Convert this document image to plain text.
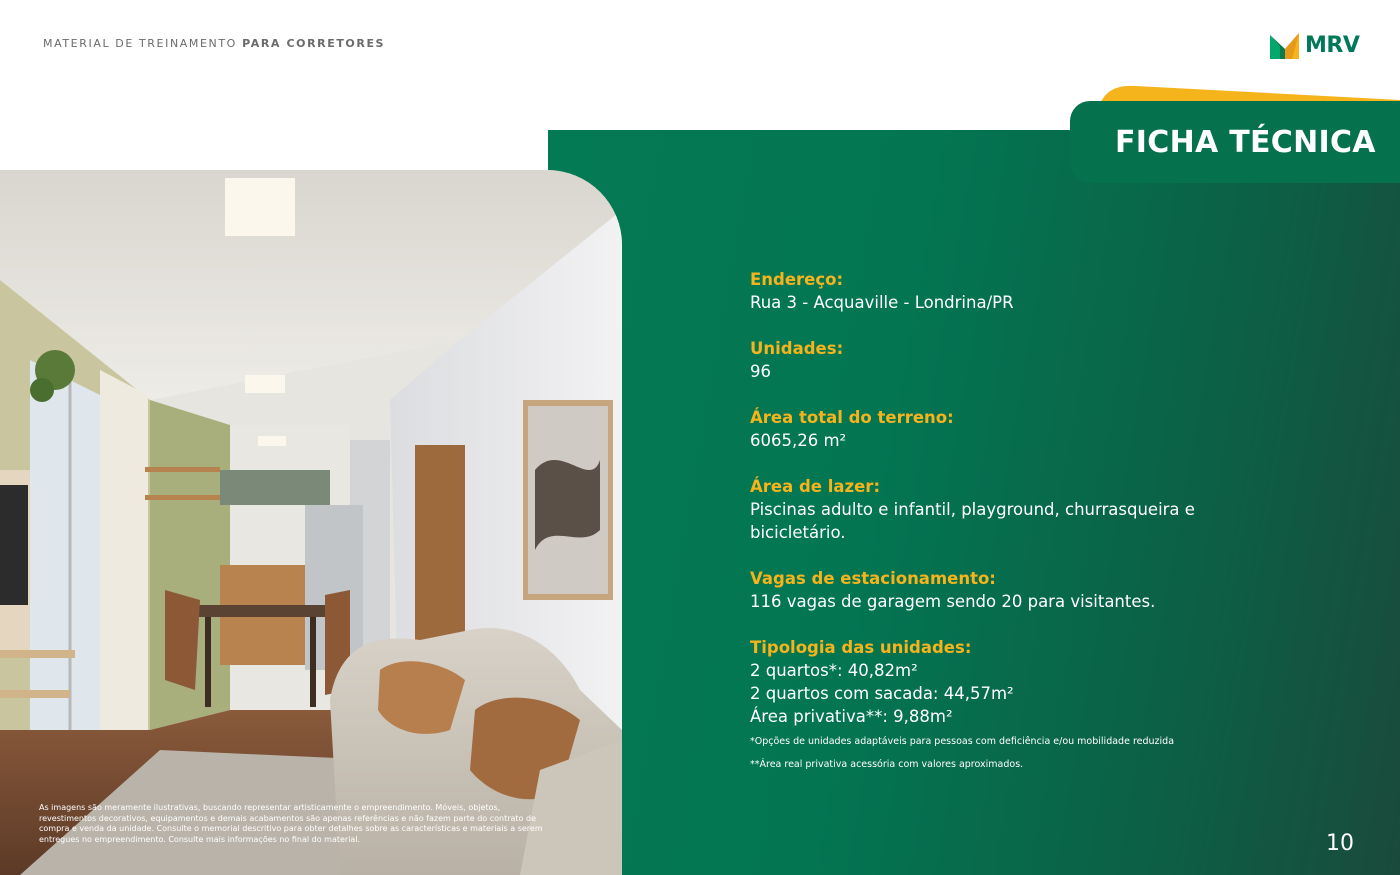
MATERIAL DE TREINAMENTO PARA CORRETORES	MRV
FICHA TÉCNICA
As imagens são meramente ilustrativas, buscando representar artisticamente o empreendimento. Móveis, objetos, revestimentos decorativos, equipamentos e demais acabamentos são apenas referências e não fazem parte do contrato de compra e venda da unidade. Consulte o memorial descritivo para obter detalhes sobre as características e materiais a serem entregues no empreendimento. Consulte mais informações no final do material.
Endereço:
Rua 3 - Acquaville - Londrina/PR
Unidades:
96
Área total do terreno:
6065,26 m²
Área de lazer:
Piscinas adulto e infantil, playground, churrasqueira e bicicletário.
Vagas de estacionamento:
116 vagas de garagem sendo 20 para visitantes.
Tipologia das unidades:
2 quartos*: 40,82m²
2 quartos com sacada: 44,57m²
Área privativa**: 9,88m²
*Opções de unidades adaptáveis para pessoas com deficiência e/ou mobilidade reduzida
**Área real privativa acessória com valores aproximados.
10
